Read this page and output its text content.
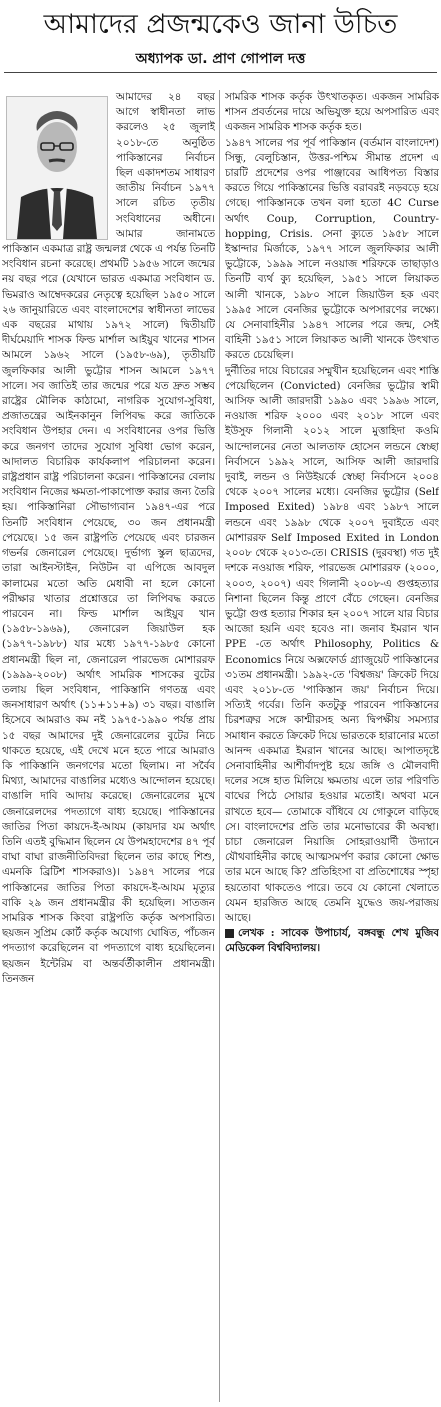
আমাদের প্রজন্মকেও জানা উচিত
অধ্যাপক ডা. প্রাণ গোপাল দত্ত

আমাদের ২৪ বছর আগে স্বাধীনতা লাভ করলেও ২৫ জুলাই ২০১৮-তে অনুষ্ঠিত পাকিস্তানের নির্বাচন ছিল একাদশতম সাধারণ জাতীয় নির্বাচন ১৯৭৭ সালে রচিত তৃতীয় সংবিধানের অধীনে। আমার জানামতে পাকিস্তান একমাত্র রাষ্ট্র জন্মলগ্ন থেকে এ পর্যন্ত তিনটি সংবিধান রচনা করেছে। প্রথমটি ১৯৫৬ সালে জন্মের নয় বছর পরে (যেখানে ভারত একমাত্র সংবিধান ড. ভিমরাও আম্বেদকরের নেতৃত্বে হয়েছিল ১৯৫০ সালে ২৬ জানুয়ারিতে এবং বাংলাদেশের স্বাধীনতা লাভের এক বছরের মাথায় ১৯৭২ সালে) দ্বিতীয়টি দীর্ঘমেয়াদি শাসক ফিল্ড মার্শাল আইয়ুব খানের শাসন আমলে ১৯৬২ সালে (১৯৫৮-৬৯), তৃতীয়টি জুলফিকার আলী ভুট্টোর শাসন আমলে ১৯৭৭ সালে। সব জাতিই তার জন্মের পরে যত দ্রুত সম্ভব রাষ্ট্রের মৌলিক কাঠামো, নাগরিক সুযোগ-সুবিধা, প্রজাতন্ত্রের আইনকানুন লিপিবদ্ধ করে জাতিকে সংবিধান উপহার দেন। এ সংবিধানের ওপর ভিত্তি করে জনগণ তাদের সুযোগ সুবিধা ভোগ করেন, আদালত বিচারিক কার্যকলাপ পরিচালনা করেন। রাষ্ট্রপ্রধান রাষ্ট্র পরিচালনা করেন। পাকিস্তানের বেলায় সংবিধান নিজের ক্ষমতা-পাকাপোক্ত করার জন্য তৈরি হয়। পাকিস্তানিরা সৌভাগ্যবান ১৯৪৭-এর পরে তিনটি সংবিধান পেয়েছে, ৩০ জন প্রধানমন্ত্রী পেয়েছে। ১৫ জন রাষ্ট্রপতি পেয়েছে এবং চারজন গভর্নর জেনারেল পেয়েছে। দুর্ভাগ্য স্কুল ছাত্রদের, তারা আইনস্টাইন, নিউটন বা এপিজে আবদুল কালামের মতো অতি মেধাবী না হলে কোনো পরীক্ষার খাতার প্রশ্নোত্তরে তা লিপিবদ্ধ করতে পারবেন না। ফিল্ড মার্শাল আইয়ুব খান (১৯৫৮-১৯৬৯), জেনারেল জিয়াউল হক (১৯৭৭-১৯৮৮) যার মধ্যে ১৯৭৭-১৯৮৫ কোনো প্রধানমন্ত্রী ছিল না, জেনারেল পারভেজ মোশাররফ (১৯৯৯-২০০৮) অর্থাৎ সামরিক শাসকের বুটের তলায় ছিল সংবিধান, পাকিস্তানি গণতন্ত্র এবং জনসাধারণ অর্থাৎ (১১+১১+৯) ৩১ বছর। বাঙালি হিসেবে আমরাও কম নই ১৯৭৫-১৯৯০ পর্যন্ত প্রায় ১৫ বছর আমাদের দুই জেনারেলের বুটের নিচে থাকতে হয়েছে, এই দেখে মনে হতে পারে আমরাও কি পাকিস্তানি জনগণের মতো ছিলাম। না সর্বৈব মিথ্যা, আমাদের বাঙালির মধ্যেও আন্দোলন হয়েছে। বাঙালি দাবি আদায় করেছে। জেনারেলের মুখে জেনারেলদের পদত্যাগে বাধ্য হয়েছে। পাকিস্তানের জাতির পিতা কায়দে-ই-আযম (কায়দার যম অর্থাৎ তিনি এতই বুদ্ধিমান ছিলেন যে উপমহাদেশের ৪৭ পূর্ব বাঘা বাঘা রাজনীতিবিদরা ছিলেন তার কাছে শিশু, এমনকি ব্রিটিশ শাসকরাও)। ১৯৪৭ সালের পরে পাকিস্তানের জাতির পিতা কায়দে-ই-আযম মৃত্যুর বাকি ২৯ জন প্রধানমন্ত্রীর কী হয়েছিল। সাতজন সামরিক শাসক কিংবা রাষ্ট্রপতি কর্তৃক অপসারিত। ছয়জন সুপ্রিম কোর্ট কর্তৃক অযোগ্য ঘোষিত, পাঁচজন পদত্যাগ করেছিলেন বা পদত্যাগে বাধ্য হয়েছিলেন। ছয়জন ইন্টেরিম বা অন্তর্বর্তীকালীন প্রধানমন্ত্রী। তিনজন

সামরিক শাসক কর্তৃক উৎখাতকৃত। একজন সামরিক শাসন প্রবর্তনের দায়ে অভিযুক্ত হয়ে অপসারিত এবং একজন সামরিক শাসক কর্তৃক হত।

১৯৪৭ সালের পর পূর্ব পাকিস্তান (বর্তমান বাংলাদেশ) সিন্ধু, বেলুচিস্তান, উত্তর-পশ্চিম সীমান্ত প্রদেশ এ চারটি প্রদেশের ওপর পাঞ্জাবের আধিপত্য বিস্তার করতে গিয়ে পাকিস্তানের ভিত্তি বরাবরই নড়বড়ে হয়ে গেছে। পাকিস্তানকে তখন বলা হতো 4C Curse অর্থাৎ Coup, Corruption, Country-hopping, Crisis. সেনা ক্যুতে ১৯৫৮ সালে ইস্কান্দার মির্জাকে, ১৯৭৭ সালে জুলফিকার আলী ভুট্টোকে, ১৯৯৯ সালে নওয়াজ শরিফকে তাছাড়াও তিনটি ব্যর্থ ক্যু হয়েছিল, ১৯৫১ সালে লিয়াকত আলী খানকে, ১৯৮০ সালে জিয়াউল হক এবং ১৯৯৫ সালে বেনজির ভুট্টোকে অপসারণের লক্ষ্যে। যে সেনাবাহিনীর ১৯৪৭ সালের পরে জন্ম, সেই বাহিনী ১৯৫১ সালে লিয়াকত আলী খানকে উৎখাত করতে চেয়েছিল।

দুর্নীতির দায়ে বিচারের সম্মুখীন হয়েছিলেন এবং শাস্তি পেয়েছিলেন (Convicted) বেনজির ভুট্টোর স্বামী আসিফ আলী জারদারী ১৯৯০ এবং ১৯৯৬ সালে, নওয়াজ শরিফ ২০০০ এবং ২০১৮ সালে এবং ইউসুফ গিলানী ২০১২ সালে মুত্তাহিদা কওমি আন্দোলনের নেতা আলতাফ হোসেন লন্ডনে স্বেচ্ছা নির্বাসনে ১৯৯২ সালে, আসিফ আলী জারদারি দুবাই, লন্ডন ও নিউইয়র্কে স্বেচ্ছা নির্বাসনে ২০০৪ থেকে ২০০৭ সালের মধ্যে। বেনজির ভুট্টোর (Self Imposed Exited) ১৯৮৪ এবং ১৯৮৭ সালে লন্ডনে এবং ১৯৯৮ থেকে ২০০৭ দুবাইতে এবং মোশাররফ Self Imposed Exited in London ২০০৮ থেকে ২০১৩-তে। CRISIS (দুরবস্থা) গত দুই দশকে নওয়াজ শরিফ, পারভেজ মোশাররফ (২০০০, ২০০৩, ২০০৭) এবং গিলানী ২০০৮-এ গুপ্তহত্যার নিশানা ছিলেন কিন্তু প্রাণে বেঁচে গেছেন। বেনজির ভুট্টো গুপ্ত হত্যার শিকার হন ২০০৭ সালে যার বিচার আজো হয়নি এবং হবেও না। জনাব ইমরান খান PPE -তে অর্থাৎ Philosophy, Politics & Economics নিয়ে অক্সফোর্ড গ্র্যাজুয়েট পাকিস্তানের ৩১তম প্রধানমন্ত্রী। ১৯৯২-তে 'বিশ্বজয়' ক্রিকেট দিয়ে এবং ২০১৮-তে 'পাকিস্তান জয়' নির্বাচন দিয়ে। সত্যিই গর্বের। তিনি কতটুকু পারবেন পাকিস্তানের চিরশত্রুর সঙ্গে কাশ্মীরসহ অন্য দ্বিপক্ষীয় সমস্যার সমাধান করতে ক্রিকেট দিয়ে ভারতকে হারানোর মতো আনন্দ একমাত্র ইমরান খানের আছে। আপাতদৃষ্টে সেনাবাহিনীর আশীর্বাদপুষ্ট হয়ে জঙ্গি ও মৌলবাদী দলের সঙ্গে হাত মিলিয়ে ক্ষমতায় এলে তার পরিণতি বাঘের পিঠে সোয়ার হওয়ার মতোই। অথবা মনে রাখতে হবে— তোমাকে বাঁধিবে যে গোকুলে বাড়িছে সে। বাংলাদেশের প্রতি তার মনোভাবের কী অবস্থা। চাচা জেনারেল নিয়াজি সোহরাওয়ার্দী উদ্যানে যৌথবাহিনীর কাছে আত্মসমর্পণ করার কোনো ক্ষোভ তার মনে আছে কি? প্রতিহিংসা বা প্রতিশোধের স্পৃহা হয়তোবা থাকতেও পারে। তবে যে কোনো খেলাতে যেমন হারজিত আছে তেমনি যুদ্ধেও জয়-পরাজয় আছে।

লেখক : সাবেক উপাচার্য, বঙ্গবন্ধু শেখ মুজিব মেডিকেল বিশ্ববিদ্যালয়।
